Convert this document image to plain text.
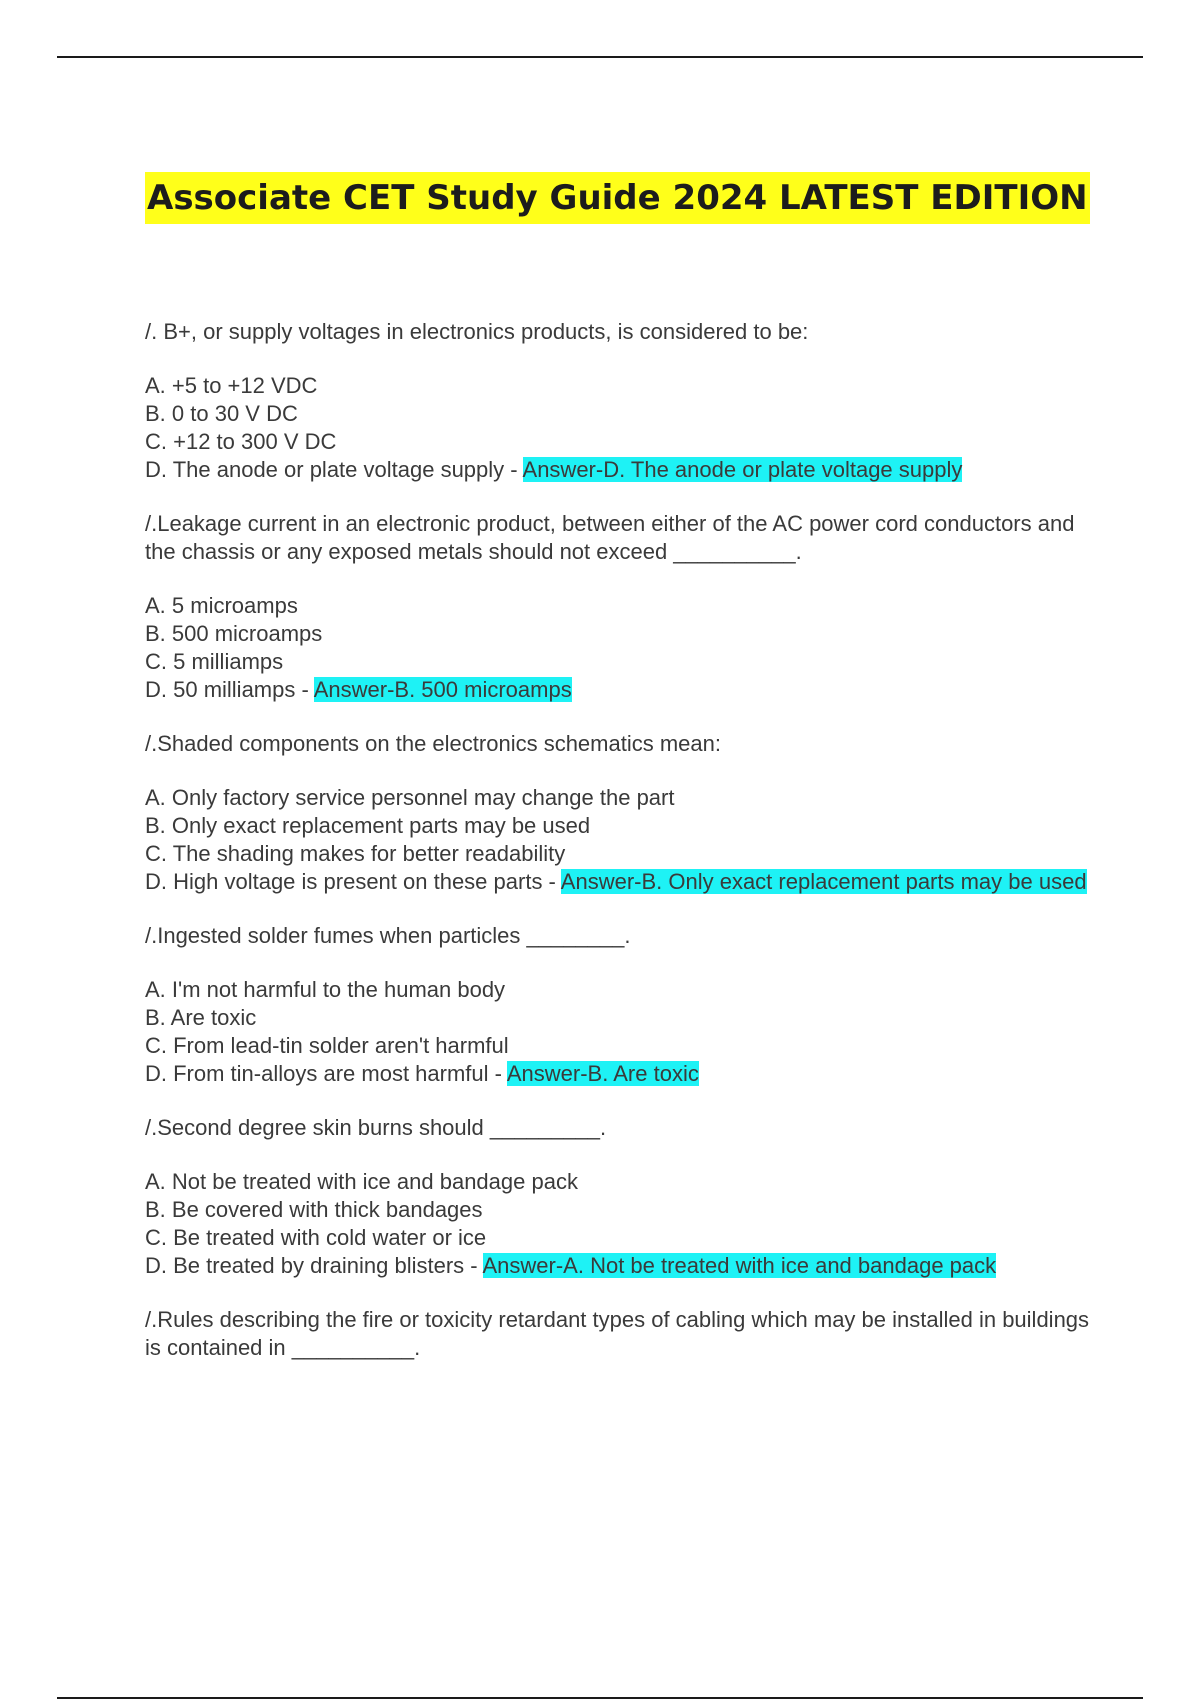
Associate CET Study Guide 2024 LATEST EDITION

/. B+, or supply voltages in electronics products, is considered to be:

A. +5 to +12 VDC
B. 0 to 30 V DC
C. +12 to 300 V DC
D. The anode or plate voltage supply - Answer-D. The anode or plate voltage supply

/.Leakage current in an electronic product, between either of the AC power cord conductors and the chassis or any exposed metals should not exceed __________.

A. 5 microamps
B. 500 microamps
C. 5 milliamps
D. 50 milliamps - Answer-B. 500 microamps

/.Shaded components on the electronics schematics mean:

A. Only factory service personnel may change the part
B. Only exact replacement parts may be used
C. The shading makes for better readability
D. High voltage is present on these parts - Answer-B. Only exact replacement parts may be used

/.Ingested solder fumes when particles ________.

A. I'm not harmful to the human body
B. Are toxic
C. From lead-tin solder aren't harmful
D. From tin-alloys are most harmful - Answer-B. Are toxic

/.Second degree skin burns should _________.

A. Not be treated with ice and bandage pack
B. Be covered with thick bandages
C. Be treated with cold water or ice
D. Be treated by draining blisters - Answer-A. Not be treated with ice and bandage pack

/.Rules describing the fire or toxicity retardant types of cabling which may be installed in buildings is contained in __________.
